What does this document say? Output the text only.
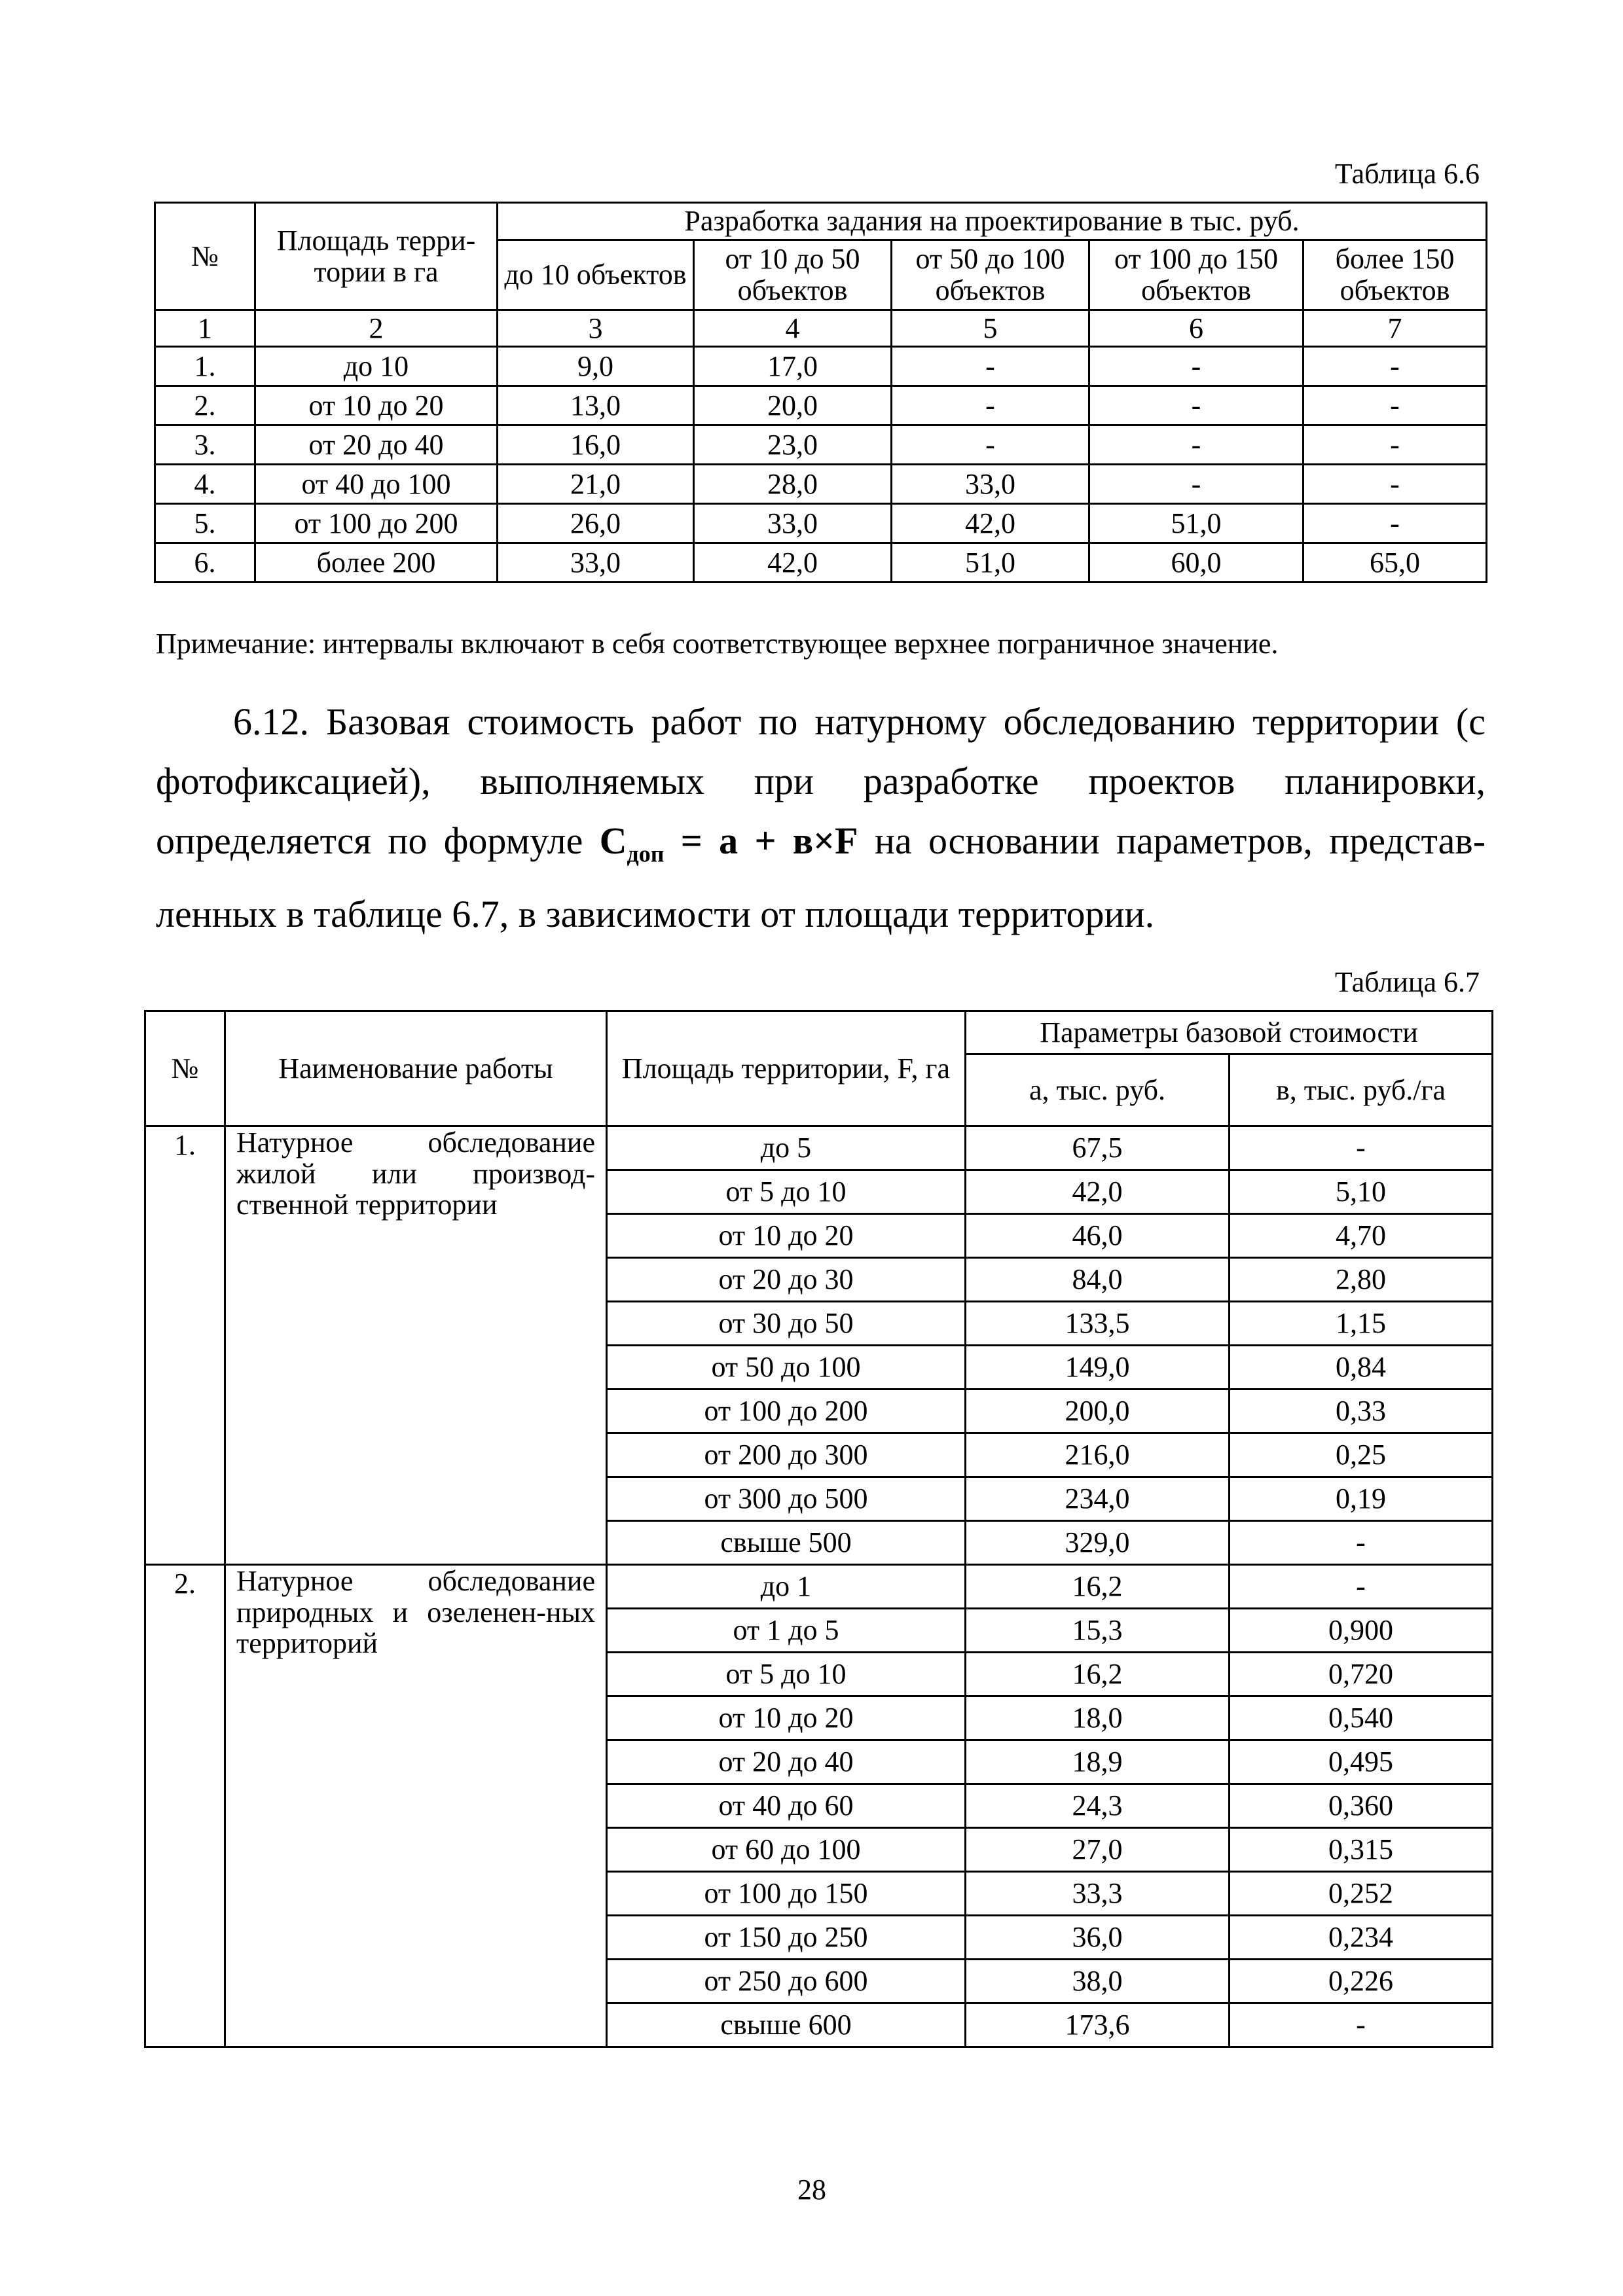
Таблица 6.6
№	Площадь терри-тории в га	Разработка задания на проектирование в тыс. руб.				
		до 10 объектов	от 10 до 50 объектов	от 50 до 100 объектов	от 100 до 150 объектов	более 150 объектов
1	2	3	4	5	6	7
1.	до 10	9,0	17,0	-	-	-
2.	от 10 до 20	13,0	20,0	-	-	-
3.	от 20 до 40	16,0	23,0	-	-	-
4.	от 40 до 100	21,0	28,0	33,0	-	-
5.	от 100 до 200	26,0	33,0	42,0	51,0	-
6.	более 200	33,0	42,0	51,0	60,0	65,0
Примечание: интервалы включают в себя соответствующее верхнее пограничное значение.

6.12. Базовая стоимость работ по натурному обследованию территории (с фотофиксацией), выполняемых при разработке проектов планировки, определяется по формуле $С_{доп} = а + в\times F$ на основании параметров, представ-ленных в таблице 6.7, в зависимости от площади территории.

Таблица 6.7
№	Наименование работы	Площадь территории, F, га	Параметры базовой стоимости	
			а, тыс. руб.	в, тыс. руб./га
1.	Натурное обследование жилой или производ-ственной территории	до 5	67,5	-
		от 5 до 10	42,0	5,10
		от 10 до 20	46,0	4,70
		от 20 до 30	84,0	2,80
		от 30 до 50	133,5	1,15
		от 50 до 100	149,0	0,84
		от 100 до 200	200,0	0,33
		от 200 до 300	216,0	0,25
		от 300 до 500	234,0	0,19
		свыше 500	329,0	-
2.	Натурное обследование природных и озеленен-ных территорий	до 1	16,2	-
		от 1 до 5	15,3	0,900
		от 5 до 10	16,2	0,720
		от 10 до 20	18,0	0,540
		от 20 до 40	18,9	0,495
		от 40 до 60	24,3	0,360
		от 60 до 100	27,0	0,315
		от 100 до 150	33,3	0,252
		от 150 до 250	36,0	0,234
		от 250 до 600	38,0	0,226
		свыше 600	173,6	-
28
